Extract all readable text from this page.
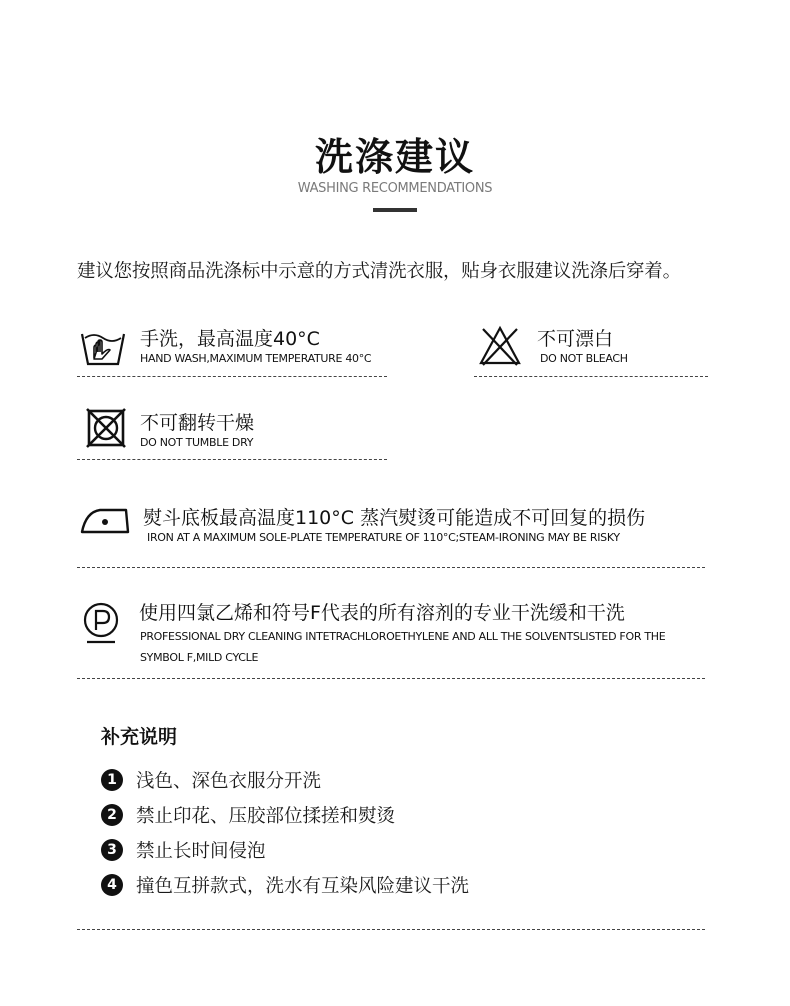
洗涤建议
WASHING RECOMMENDATIONS
建议您按照商品洗涤标中示意的方式清洗衣服，贴身衣服建议洗涤后穿着。
手洗，最高温度40°C
HAND WASH,MAXIMUM TEMPERATURE 40°C
不可漂白
DO NOT BLEACH
不可翻转干燥
DO NOT TUMBLE DRY
熨斗底板最高温度110°C 蒸汽熨烫可能造成不可回复的损伤
IRON AT A MAXIMUM SOLE-PLATE TEMPERATURE OF 110°C;STEAM-IRONING MAY BE RISKY
使用四氯乙烯和符号F代表的所有溶剂的专业干洗缓和干洗
PROFESSIONAL DRY CLEANING INTETRACHLOROETHYLENE AND ALL THE SOLVENTSLISTED FOR THE
SYMBOL F,MILD CYCLE
补充说明
1	浅色、深色衣服分开洗
2	禁止印花、压胶部位揉搓和熨烫
3	禁止长时间侵泡
4	撞色互拼款式，洗水有互染风险建议干洗
